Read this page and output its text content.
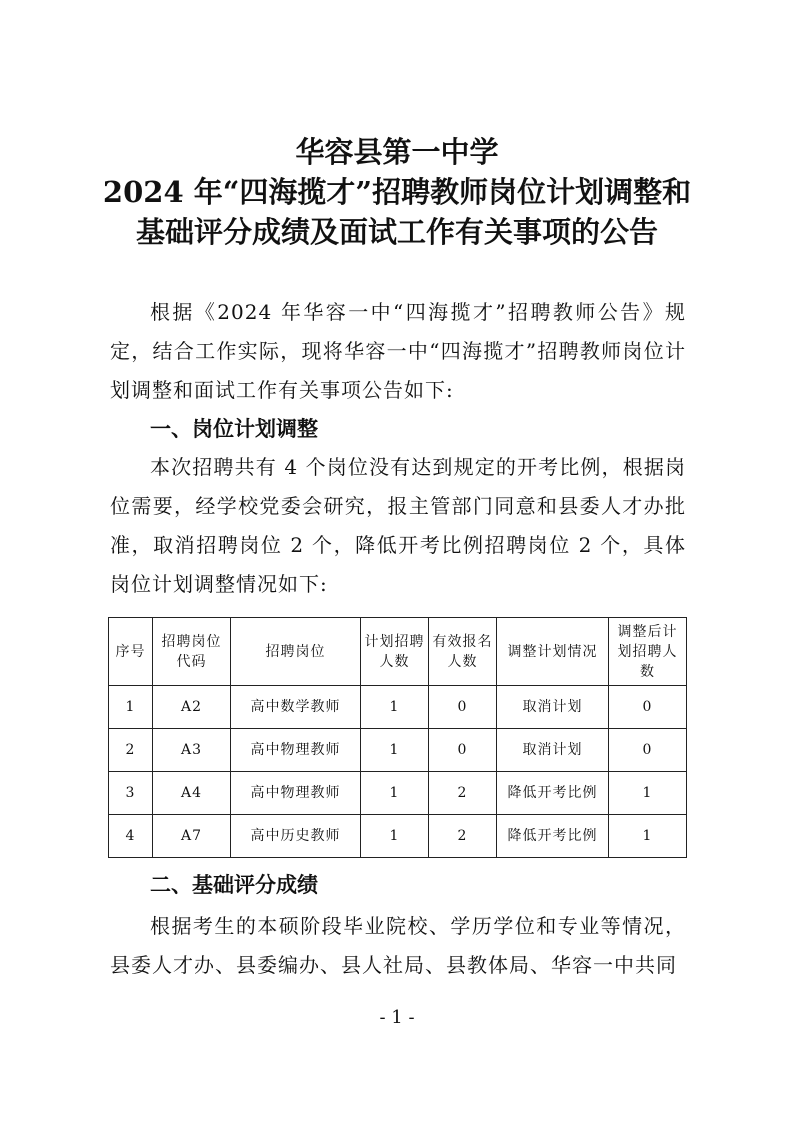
华容县第一中学
2024 年“四海揽才”招聘教师岗位计划调整和
基础评分成绩及面试工作有关事项的公告
根据《2024 年华容一中“四海揽才”招聘教师公告》规定，结合工作实际，现将华容一中“四海揽才”招聘教师岗位计划调整和面试工作有关事项公告如下:
一、岗位计划调整
本次招聘共有 4 个岗位没有达到规定的开考比例，根据岗位需要，经学校党委会研究，报主管部门同意和县委人才办批准，取消招聘岗位 2 个，降低开考比例招聘岗位 2 个，具体岗位计划调整情况如下:
序号	招聘岗位代码	招聘岗位	计划招聘人数	有效报名人数	调整计划情况	调整后计划招聘人数
1	A2	高中数学教师	1	0	取消计划	0
2	A3	高中物理教师	1	0	取消计划	0
3	A4	高中物理教师	1	2	降低开考比例	1
4	A7	高中历史教师	1	2	降低开考比例	1
二、基础评分成绩
根据考生的本硕阶段毕业院校、学历学位和专业等情况，县委人才办、县委编办、县人社局、县教体局、华容一中共同
- 1 -
